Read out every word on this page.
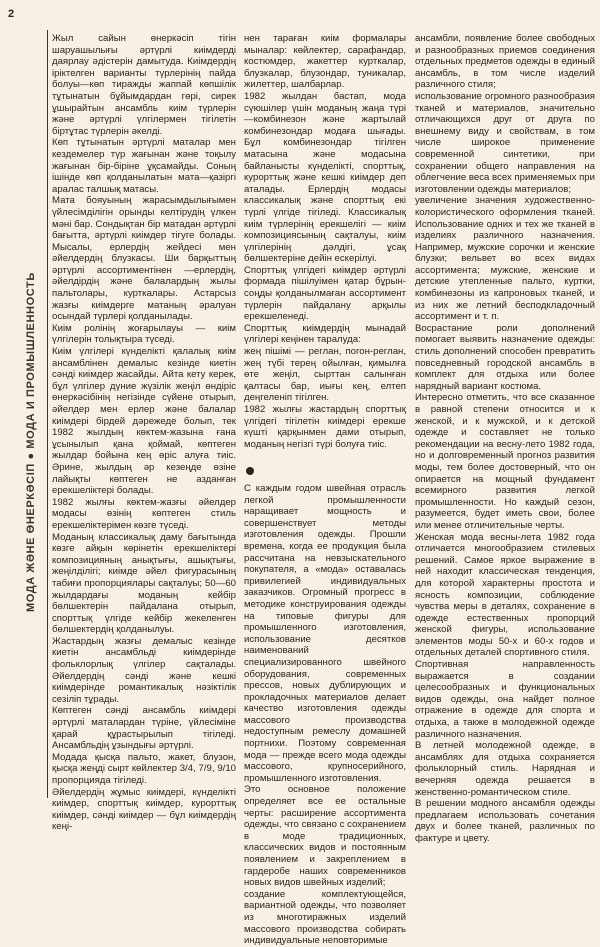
2
МОДА ЖӘНЕ ӨНЕРКӘСІП ● МОДА И ПРОМЫШЛЕННОСТЬ

Жыл сайын өнеркәсіп тігін шаруашылығы әртүрлі киімдерді даярлау әдістерін дамытуда. Киімдердің іріктелген варианты түрлерінің пайда болуы—көп тиражды жаппай көпшілік тұтынатын бұйымдардан гөрі, сирек ұшырайтын ансамбль киім түрлерін және әртүрлі үлгілермен тігілетін біртұтас түрлерін әкелді.

Көп тұтынатын әртүрлі маталар мен кездемелер түр жағынан және тоқылу жағынан бір-біріне ұқсамайды. Соның ішінде көп қолданылатын мата—қазіргі аралас талшық матасы.

Мата бояуының жарасымдылығымен үйлесімділігін орынды келтірудің үлкен мәні бар. Сондықтан бір матадан әртүрлі бағытта, әртүрлі киімдер тігуге болады. Мысалы, ерлердің жейдесі мен әйелдердің блузкасы. Ши барқыттың әртүрлі ассортиментінен —ерлердің, әйелдірдің және балалардың жылы пальтолары, курткалары. Астарсыз жазғы киімдерге матаның әралуан осындай түрлері қолданылады.

Киім ролінің жоғарылауы — киім үлгілерін толықтыра түседі.

Киім үлгілері күнделікті қалалық киім ансамблінен демалыс кезінде киетін сәнді киімдер жасайды. Айта кету керек, бұл үлгілер дүние жүзілік жеңіл өндіріс өнеркәсібінің негізінде сүйене отырып, әйелдер мен ерлер және балалар киімдері бірдей дәрежеде болып, тек 1982 жылдың көктем-жазына ғана ұсынылып қана қоймай, көптеген жылдар бойына кең өріс алуға тиіс. Әрине, жылдың әр кезеңде өзіне лайықты көптеген не азданған ерекшеліктері болады.

1982 жылғы көктем-жазғы әйелдер модасы өзінің көптеген стиль ерекшеліктерімен көзге түседі.

Моданың классикалық даму бағытында көзге айқын көрінетін ерекшеліктері композицияның анықтығы, ашықтығы, жеңілділігі; киімде әйел фигурасының табиғи пропорциялары сақталуы; 50—60 жылдардағы моданың кейбір бөлшектерін пайдалана отырып, спорттық үлгіде кейбір жекеленген бөлшектердің қолданылуы.

Жастардың жазғы демалыс кезінде киетін ансамбльді киімдерінде фольклорлық үлгілер сақталады. Әйелдердің сәнді және кешкі киімдерінде романтикалық нәзіктілік сезіліп тұрады.

Көптеген сәнді ансамбль киімдері әртүрлі маталардан түріне, үйлесіміне қарай құрастырылып тігіледі. Ансамбльдің ұзындығы әртүрлі.

Модада қысқа пальто, жакет, блузон, қысқа жеңді сырт көйлектер 3/4, 7/9, 9/10 пропорцияда тігіледі.

Әйелдердің жұмыс киімдері, күнделікті киімдер, спорттық киімдер, курорттық киімдер, сәнді киімдер — бұл киімдердің кеңі-

нен тараған киім формалары мыналар: көйлектер, сарафандар, костюмдер, жакеттер курткалар, блузкалар, блузондар, туникалар, жилеттер, шалбарлар.

1982 жылдан бастап, мода сүюшілер үшін моданың жаңа түрі—комбинезон және жартылай комбинезондар модаға шығады. Бұл комбинезондар тігілген матасына және модасына байланысты күнделікті, спорттық, курорттық және кешкі киімдер деп аталады. Ерлердің модасы классикалық және спорттық екі түрлі үлгіде тігіледі. Классикалық киім түрлерінің ерекшелігі — киім композициясының сақталуы, киім үлгілерінің дәлдігі, ұсақ бөлшектеріне дейін ескерілуі.

Спорттық үлгідегі киімдер әртүрлі формада пішілуімен қатар бұрын-соңды қолданылмаған ассортимент түрлерін пайдалану арқылы ерекшеленеді.

Спорттық киімдердің мынадай үлгілері кеңінен таралуда:

жең пішімі — реглан, погон-реглан, жең түбі терең ойылған, қимылға өте жеңіл, сырттан салынған қалтасы бар, иығы кең, елтеп деңгеленіп тігілген.

1982 жылғы жастардың спорттық үлгідегі тігілетін киімдері ерекше күшті қарқынмен дами отырып, моданың негізгі түрі болуға тиіс.

С каждым годом швейная отрасль легкой промышленности наращивает мощность и совершенствует методы изготовления одежды. Прошли времена, когда ее продукция была рассчитана на невзыскательного покупателя, а «мода» оставалась привилегией индивидуальных заказчиков. Огромный прогресс в методике конструирования одежды на типовые фигуры для промышленного изготовления, использование десятков наименований специализированного швейного оборудования, современных прессов, новых дублирующих и прокладочных материалов делает качество изготовления одежды массового производства недоступным ремеслу домашней портнихи. Поэтому современная мода — прежде всего мода одежды массового, крупносерийного, промышленного изготовления.

Это основное положение определяет все ее остальные черты: расширение ассортимента одежды, что связано с сохранением в моде традиционных, классических видов и постоянным появлением и закреплением в гардеробе наших современников новых видов швейных изделий;

создание комплектующейся, вариантной одежды, что позволяет из многотиражных изделий массового производства собирать индивидуальные неповторимые

ансамбли, появление более свободных и разнообразных приемов соединения отдельных предметов одежды в единый ансамбль, в том числе изделий различного стиля;

использование огромного разнообразия тканей и материалов, значительно отличающихся друг от друга по внешнему виду и свойствам, в том числе широкое применение современной синтетики, при сохранении общего направления на облегчение веса всех применяемых при изготовлении одежды материалов;

увеличение значения художественно-колористического оформления тканей. Использование одних и тех же тканей в изделиях различного назначения. Например, мужские сорочки и женские блузки; вельвет во всех видах ассортимента; мужские, женские и детские утепленные пальто, куртки, комбинезоны из капроновых тканей, и из них же летний бесподкладочный ассортимент и т. п.

Восрастание роли дополнений помогает выявить назначение одежды: стиль дополнений способен превратить повседневный городской ансамбль в комплект для отдыха или более нарядный вариант костюма.

Интересно отметить, что все сказанное в равной степени относится и к женской, и к мужской, и к детской одежде и составляет не только рекомендации на весну-лето 1982 года, но и долговременный прогноз развития моды, тем более достоверный, что он опирается на мощный фундамент всемирного развития легкой промышленности. Но каждый сезон, разумеется, будет иметь свои, более или менее отличительные черты.

Женская мода весны-лета 1982 года отличается многообразием стилевых решений. Самое яркое выражение в ней находит классическая тенденция, для которой характерны простота и ясность композиции, соблюдение чувства меры в деталях, сохранение в одежде естественных пропорций женской фигуры, использование элементов моды 50-х и 60-х годов и отдельных деталей спортивного стиля.

Спортивная направленность выражается в создании целесообразных и функциональных видов одежды, она найдет полное отражение в одежде для спорта и отдыха, а также в молодежной одежде различного назначения.

В летней молодежной одежде, в ансамблях для отдыха сохраняется фольклорный стиль. Нарядная и вечерняя одежда решается в женственно-романтическом стиле.

В решении модного ансамбля одежды предлагаем использовать сочетания двух и более тканей, различных по фактуре и цвету.
